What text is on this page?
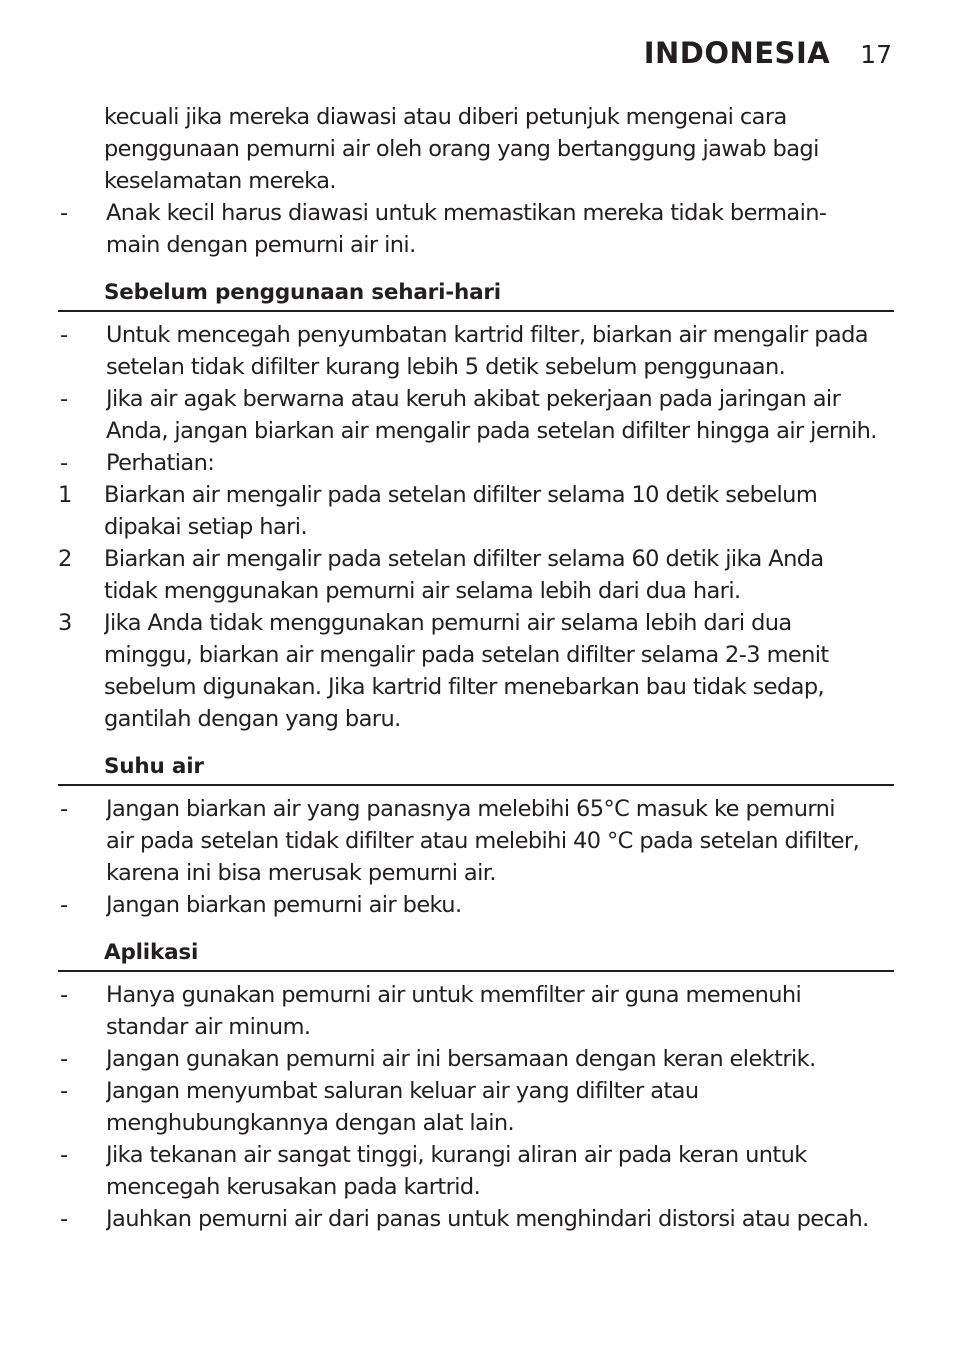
INDONESIA 17
kecuali jika mereka diawasi atau diberi petunjuk mengenai cara
penggunaan pemurni air oleh orang yang bertanggung jawab bagi
keselamatan mereka.
-	Anak kecil harus diawasi untuk memastikan mereka tidak bermain-
main dengan pemurni air ini.
Sebelum penggunaan sehari-hari
-	Untuk mencegah penyumbatan kartrid filter, biarkan air mengalir pada
setelan tidak difilter kurang lebih 5 detik sebelum penggunaan.
-	Jika air agak berwarna atau keruh akibat pekerjaan pada jaringan air
Anda, jangan biarkan air mengalir pada setelan difilter hingga air jernih.
-	Perhatian:
1	Biarkan air mengalir pada setelan difilter selama 10 detik sebelum
dipakai setiap hari.
2	Biarkan air mengalir pada setelan difilter selama 60 detik jika Anda
tidak menggunakan pemurni air selama lebih dari dua hari.
3	Jika Anda tidak menggunakan pemurni air selama lebih dari dua
minggu, biarkan air mengalir pada setelan difilter selama 2-3 menit
sebelum digunakan. Jika kartrid filter menebarkan bau tidak sedap,
gantilah dengan yang baru.
Suhu air
-	Jangan biarkan air yang panasnya melebihi 65°C masuk ke pemurni
air pada setelan tidak difilter atau melebihi 40 °C pada setelan difilter,
karena ini bisa merusak pemurni air.
-	Jangan biarkan pemurni air beku.
Aplikasi
-	Hanya gunakan pemurni air untuk memfilter air guna memenuhi
standar air minum.
-	Jangan gunakan pemurni air ini bersamaan dengan keran elektrik.
-	Jangan menyumbat saluran keluar air yang difilter atau
menghubungkannya dengan alat lain.
-	Jika tekanan air sangat tinggi, kurangi aliran air pada keran untuk
mencegah kerusakan pada kartrid.
-	Jauhkan pemurni air dari panas untuk menghindari distorsi atau pecah.
